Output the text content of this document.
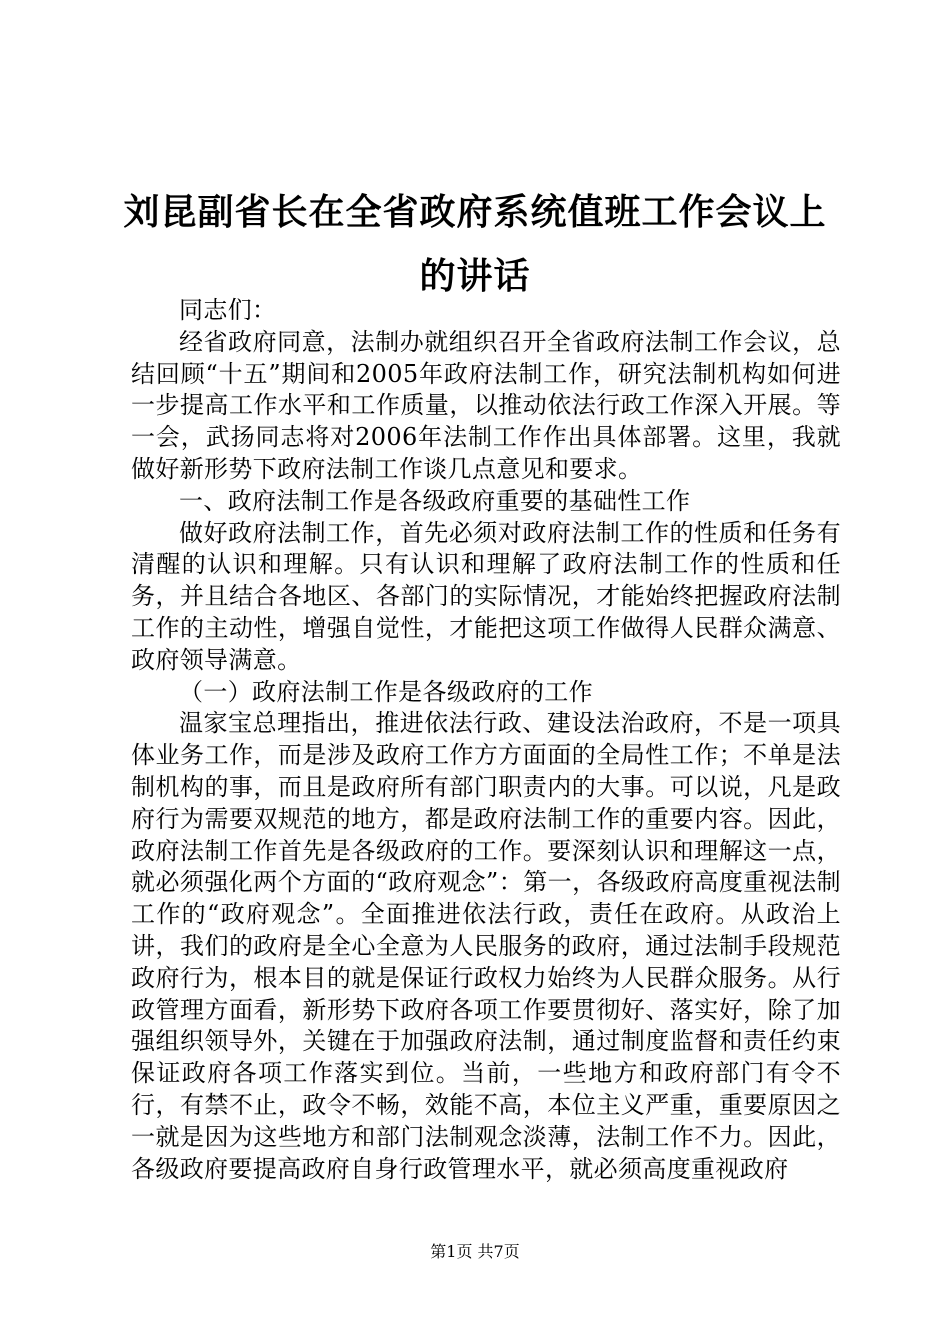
刘昆副省长在全省政府系统值班工作会议上的讲话

同志们：

经省政府同意，法制办就组织召开全省政府法制工作会议，总结回顾“十五”期间和2005年政府法制工作，研究法制机构如何进一步提高工作水平和工作质量，以推动依法行政工作深入开展。等一会，武扬同志将对2006年法制工作作出具体部署。这里，我就做好新形势下政府法制工作谈几点意见和要求。

一、政府法制工作是各级政府重要的基础性工作

做好政府法制工作，首先必须对政府法制工作的性质和任务有清醒的认识和理解。只有认识和理解了政府法制工作的性质和任务，并且结合各地区、各部门的实际情况，才能始终把握政府法制工作的主动性，增强自觉性，才能把这项工作做得人民群众满意、政府领导满意。

（一）政府法制工作是各级政府的工作

温家宝总理指出，推进依法行政、建设法治政府，不是一项具体业务工作，而是涉及政府工作方方面面的全局性工作；不单是法制机构的事，而且是政府所有部门职责内的大事。可以说，凡是政府行为需要双规范的地方，都是政府法制工作的重要内容。因此，政府法制工作首先是各级政府的工作。要深刻认识和理解这一点，就必须强化两个方面的“政府观念”：第一，各级政府高度重视法制工作的“政府观念”。全面推进依法行政，责任在政府。从政治上讲，我们的政府是全心全意为人民服务的政府，通过法制手段规范政府行为，根本目的就是保证行政权力始终为人民群众服务。从行政管理方面看，新形势下政府各项工作要贯彻好、落实好，除了加强组织领导外，关键在于加强政府法制，通过制度监督和责任约束保证政府各项工作落实到位。当前，一些地方和政府部门有令不行，有禁不止，政令不畅，效能不高，本位主义严重，重要原因之一就是因为这些地方和部门法制观念淡薄，法制工作不力。因此，各级政府要提高政府自身行政管理水平，就必须高度重视政府

第1页 共7页
